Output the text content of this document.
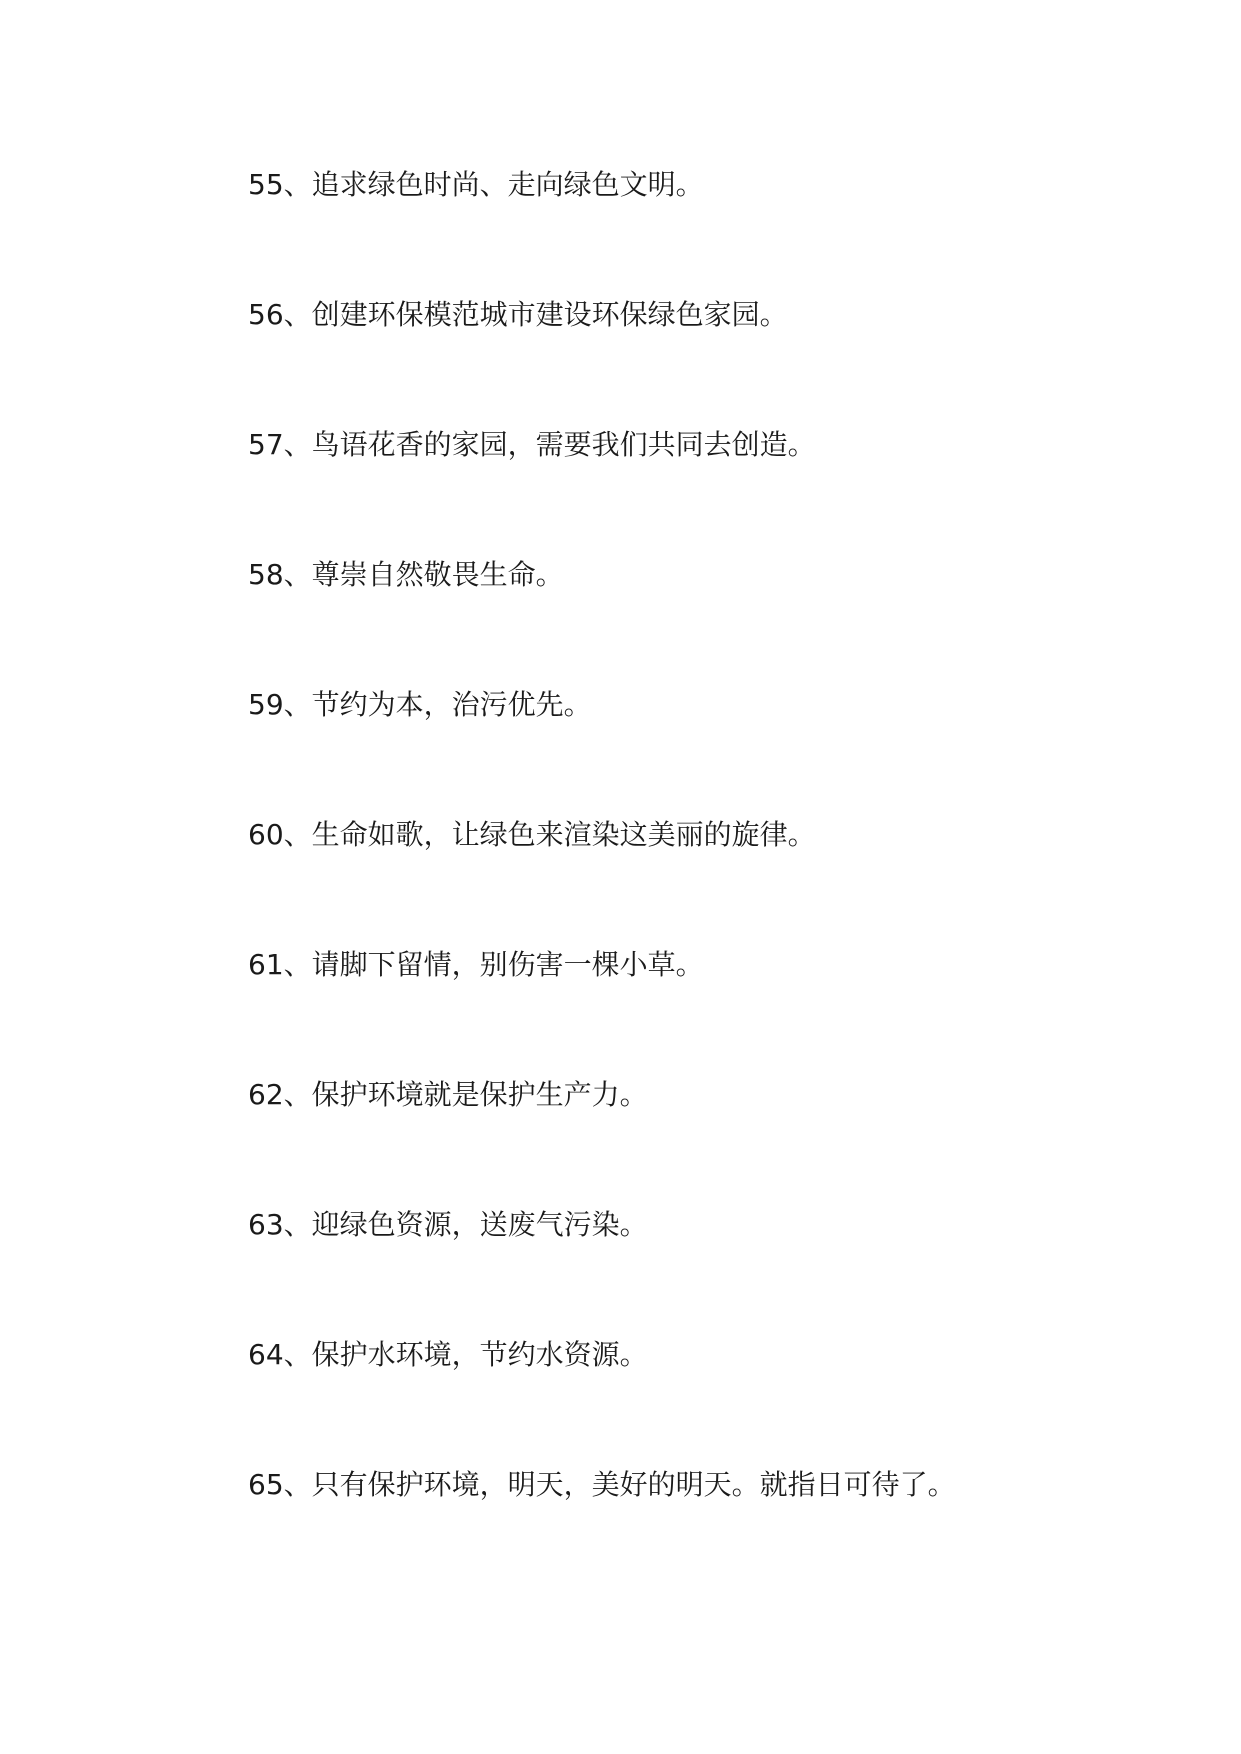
55、追求绿色时尚、走向绿色文明。
56、创建环保模范城市建设环保绿色家园。
57、鸟语花香的家园，需要我们共同去创造。
58、尊崇自然敬畏生命。
59、节约为本，治污优先。
60、生命如歌，让绿色来渲染这美丽的旋律。
61、请脚下留情，别伤害一棵小草。
62、保护环境就是保护生产力。
63、迎绿色资源，送废气污染。
64、保护水环境，节约水资源。
65、只有保护环境，明天，美好的明天。就指日可待了。
